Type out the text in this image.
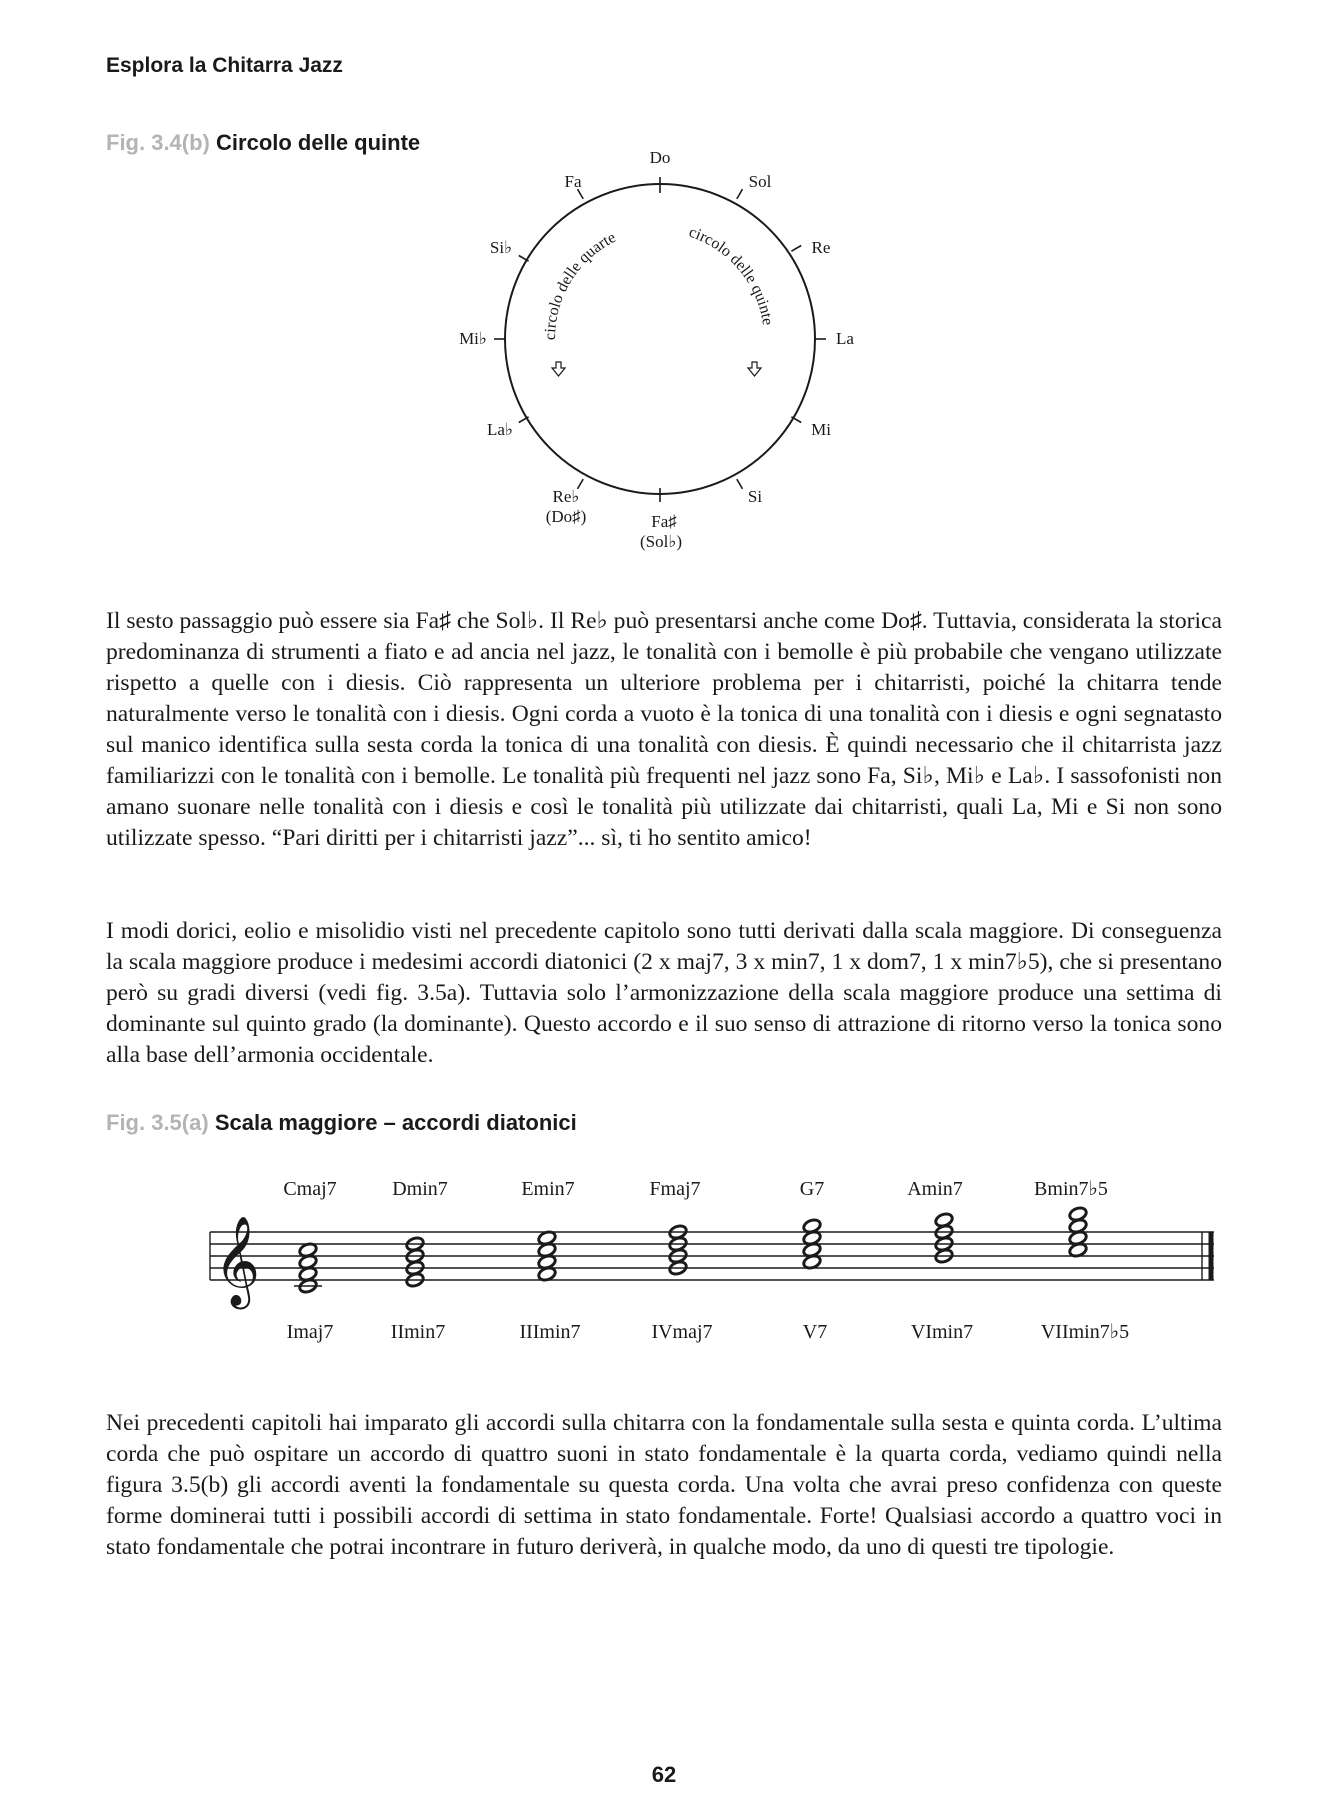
Esplora la Chitarra Jazz
Fig. 3.4(b) Circolo delle quinte
circolo delle quarte	circolo delle quinte
Do
Sol
Re
La
Mi
Si
Fa♯
(Sol♭)
Re♭
(Do♯)
La♭
Mi♭
Si♭
Fa

Il sesto passaggio può essere sia Fa♯ che Sol♭. Il Re♭ può presentarsi anche come Do♯. Tuttavia, considerata la storica predominanza di strumenti a fiato e ad ancia nel jazz, le tonalità con i bemolle è più probabile che vengano utilizzate rispetto a quelle con i diesis. Ciò rappresenta un ulteriore problema per i chitarristi, poiché la chitarra tende naturalmente verso le tonalità con i diesis. Ogni corda a vuoto è la tonica di una tonalità con i diesis e ogni segnatasto sul manico identifica sulla sesta corda la tonica di una tonalità con diesis. È quindi necessario che il chitarrista jazz familiarizzi con le tonalità con i bemolle. Le tonalità più frequenti nel jazz sono Fa, Si♭, Mi♭ e La♭. I sassofonisti non amano suonare nelle tonalità con i diesis e così le tonalità più utilizzate dai chitarristi, quali La, Mi e Si non sono utilizzate spesso. “Pari diritti per i chitarristi jazz”... sì, ti ho sentito amico!

I modi dorici, eolio e misolidio visti nel precedente capitolo sono tutti derivati dalla scala maggiore. Di conseguenza la scala maggiore produce i medesimi accordi diatonici (2 x maj7, 3 x min7, 1 x dom7, 1 x min7♭5), che si presentano però su gradi diversi (vedi fig. 3.5a). Tuttavia solo l’armonizzazione della scala maggiore produce una settima di dominante sul quinto grado (la dominante). Questo accordo e il suo senso di attrazione di ritorno verso la tonica sono alla base dell’armonia occidentale.

Fig. 3.5(a) Scala maggiore – accordi diatonici
𝄞
Cmaj7	Dmin7	Emin7	Fmaj7	G7	Amin7	Bmin7♭5
Imaj7	IImin7	IIImin7	IVmaj7	V7	VImin7	VIImin7♭5

Nei precedenti capitoli hai imparato gli accordi sulla chitarra con la fondamentale sulla sesta e quinta corda. L’ultima corda che può ospitare un accordo di quattro suoni in stato fondamentale è la quarta corda, vediamo quindi nella figura 3.5(b) gli accordi aventi la fondamentale su questa corda. Una volta che avrai preso confidenza con queste forme dominerai tutti i possibili accordi di settima in stato fondamentale. Forte! Qualsiasi accordo a quattro voci in stato fondamentale che potrai incontrare in futuro deriverà, in qualche modo, da uno di questi tre tipologie.

62
